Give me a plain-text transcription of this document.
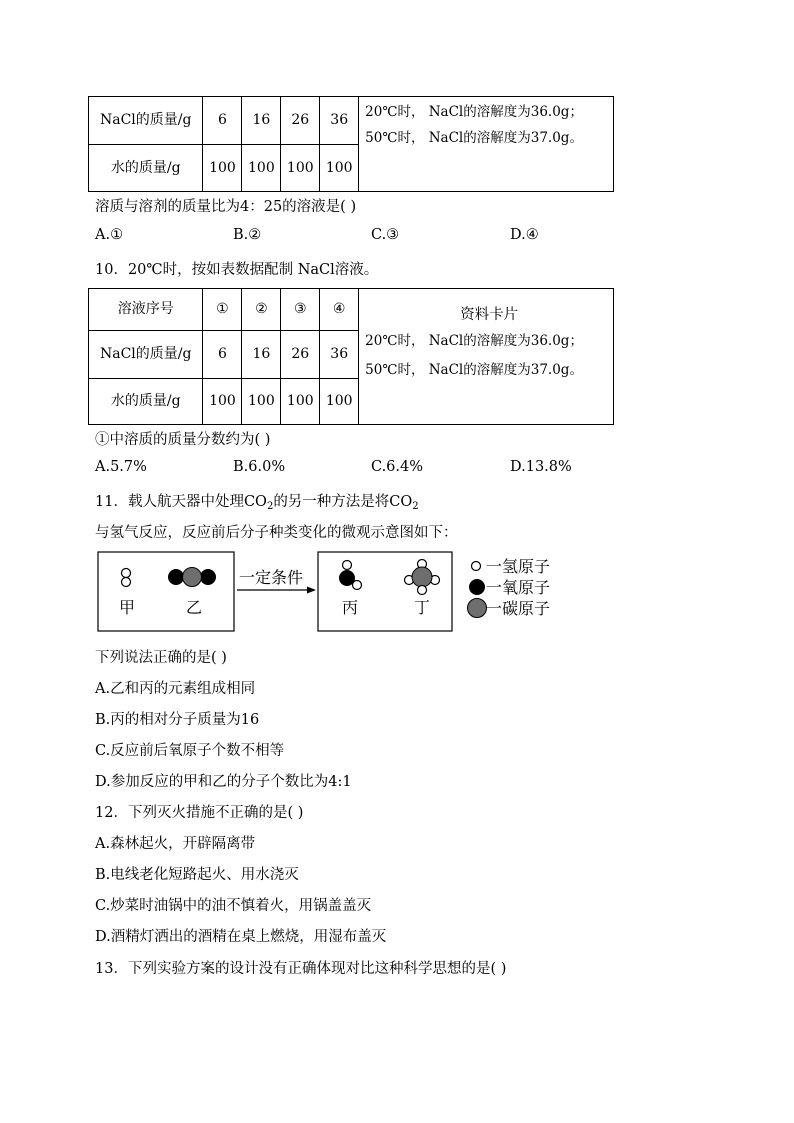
NaCl的质量/g	6	16	26	36	20℃时， NaCl的溶解度为36.0g；
50℃时， NaCl的溶解度为37.0g。

水的质量/g	100	100	100	100	
溶质与溶剂的质量比为4：25的溶液是( )
A.①	B.②	C.③	D.④
10．20℃时，按如表数据配制 NaCl溶液。
溶液序号	①	②	③	④	资料卡片
20℃时， NaCl的溶解度为36.0g；
50℃时， NaCl的溶解度为37.0g。

NaCl的质量/g	6	16	26	36	
水的质量/g	100	100	100	100	
①中溶质的质量分数约为( )
A.5.7%	B.6.0%	C.6.4%	D.13.8%
11．载人航天器中处理$CO_2$的另一种方法是将$CO_2$
与氢气反应，反应前后分子种类变化的微观示意图如下：
甲	乙
一定条件
丙	丁
一氢原子
一氧原子
一碳原子
下列说法正确的是( )
A.乙和丙的元素组成相同
B.丙的相对分子质量为16
C.反应前后氧原子个数不相等
D.参加反应的甲和乙的分子个数比为4:1
12．下列灭火措施不正确的是( )
A.森林起火，开辟隔离带
B.电线老化短路起火、用水浇灭
C.炒菜时油锅中的油不慎着火，用锅盖盖灭
D.酒精灯洒出的酒精在桌上燃烧，用湿布盖灭
13．下列实验方案的设计没有正确体现对比这种科学思想的是( )
